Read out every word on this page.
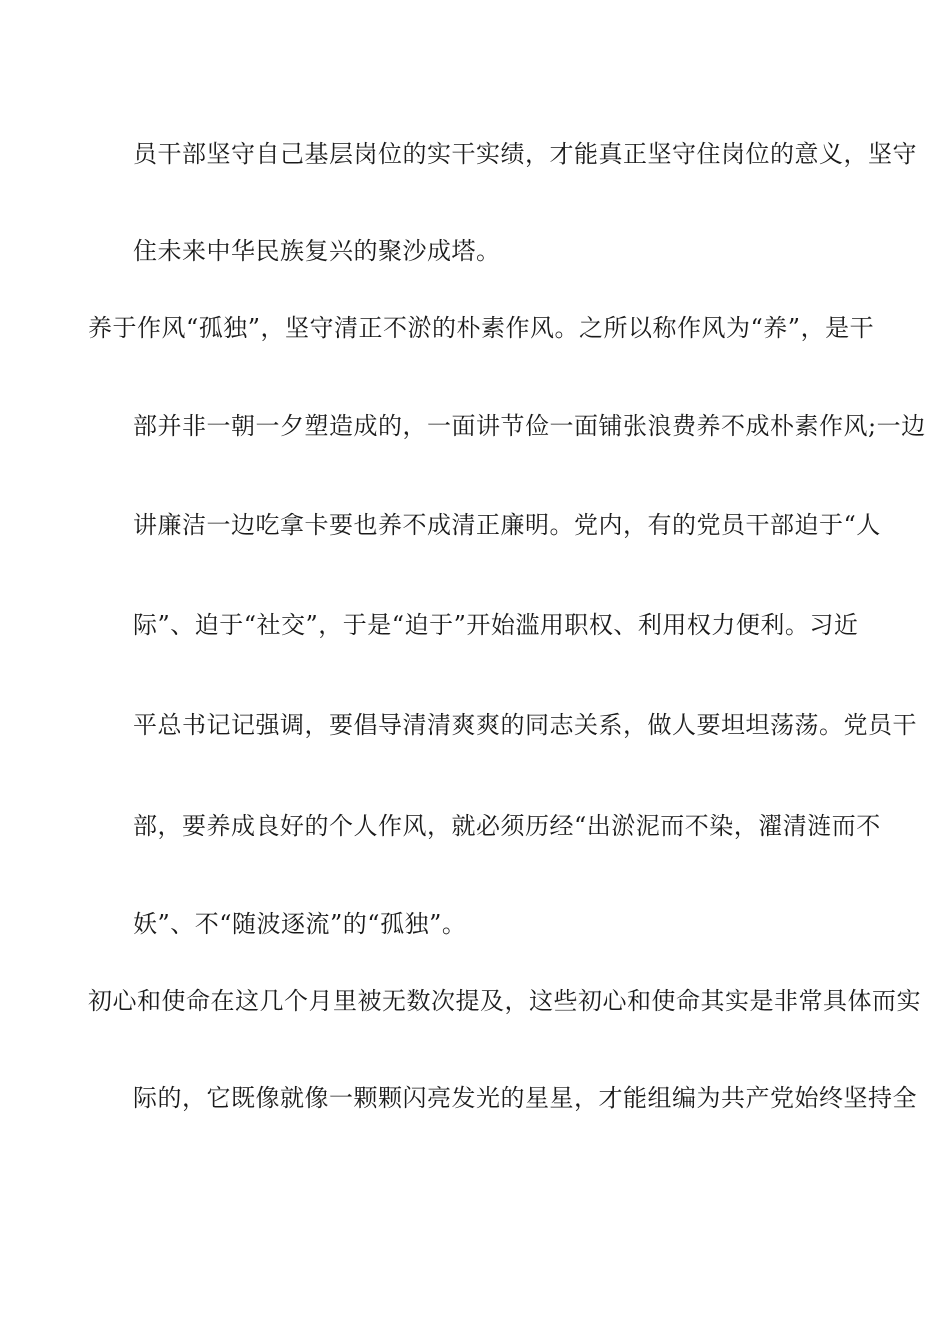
员干部坚守自己基层岗位的实干实绩，才能真正坚守住岗位的意义，坚守
住未来中华民族复兴的聚沙成塔。
养于作风“孤独”，坚守清正不淤的朴素作风。之所以称作风为“养”，是干
部并非一朝一夕塑造成的，一面讲节俭一面铺张浪费养不成朴素作风;一边
讲廉洁一边吃拿卡要也养不成清正廉明。党内，有的党员干部迫于“人
际”、迫于“社交”，于是“迫于”开始滥用职权、利用权力便利。习近
平总书记记强调，要倡导清清爽爽的同志关系，做人要坦坦荡荡。党员干
部，要养成良好的个人作风，就必须历经“出淤泥而不染，濯清涟而不
妖”、不“随波逐流”的“孤独”。
初心和使命在这几个月里被无数次提及，这些初心和使命其实是非常具体而实
际的，它既像就像一颗颗闪亮发光的星星，才能组编为共产党始终坚持全
